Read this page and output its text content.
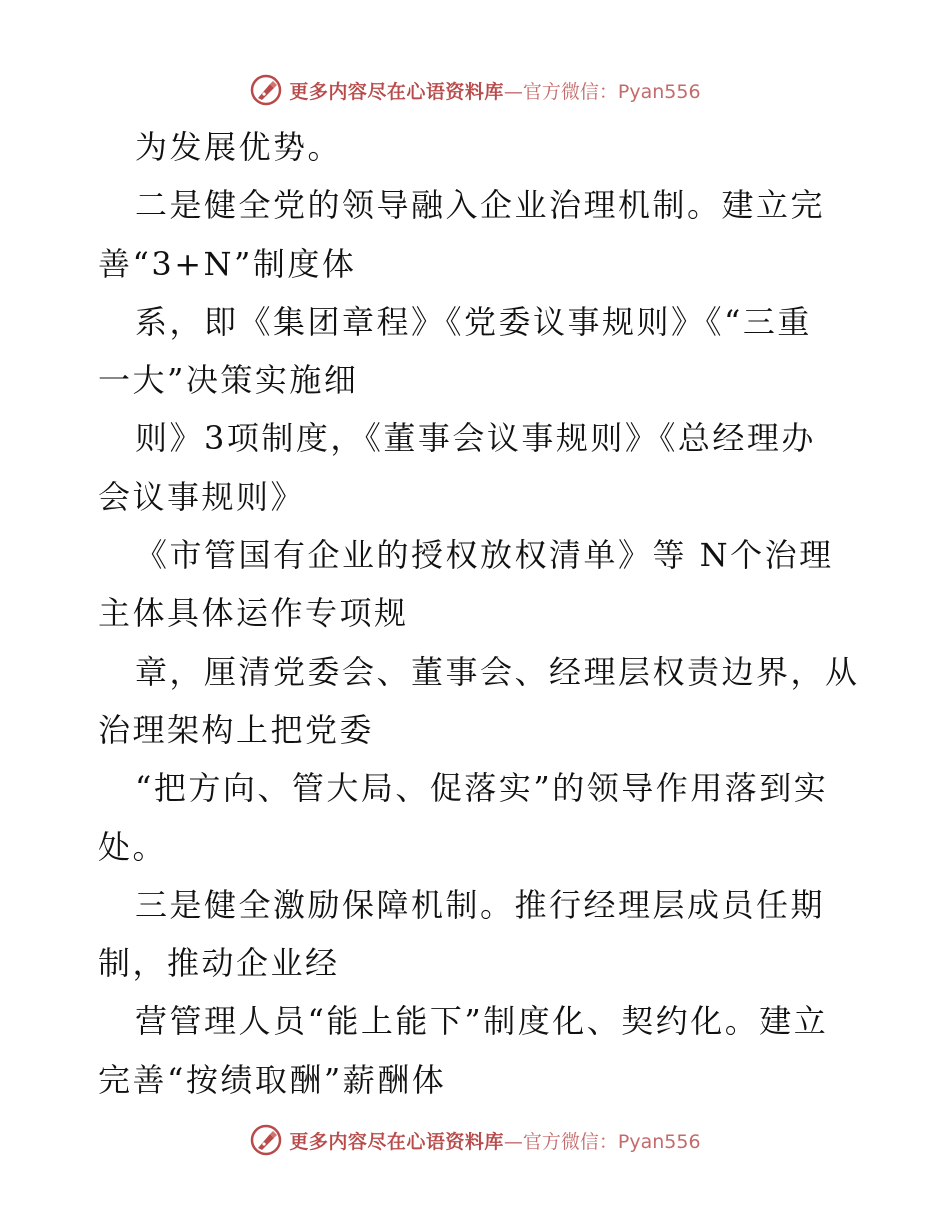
更多内容尽在心语资料库 —官方微信：Pyan556
为发展优势。
二是健全党的领导融入企业治理机制。建立完
善“3+N”制度体
系，即《集团章程》《党委议事规则》《“三重
一大”决策实施细
则》3项制度，《董事会议事规则》《总经理办
会议事规则》
《市管国有企业的授权放权清单》等 N个治理
主体具体运作专项规
章，厘清党委会、董事会、经理层权责边界，从
治理架构上把党委
“把方向、管大局、促落实”的领导作用落到实
处。
三是健全激励保障机制。推行经理层成员任期
制，推动企业经
营管理人员“能上能下”制度化、契约化。建立
完善“按绩取酬”薪酬体
更多内容尽在心语资料库 —官方微信：Pyan556
